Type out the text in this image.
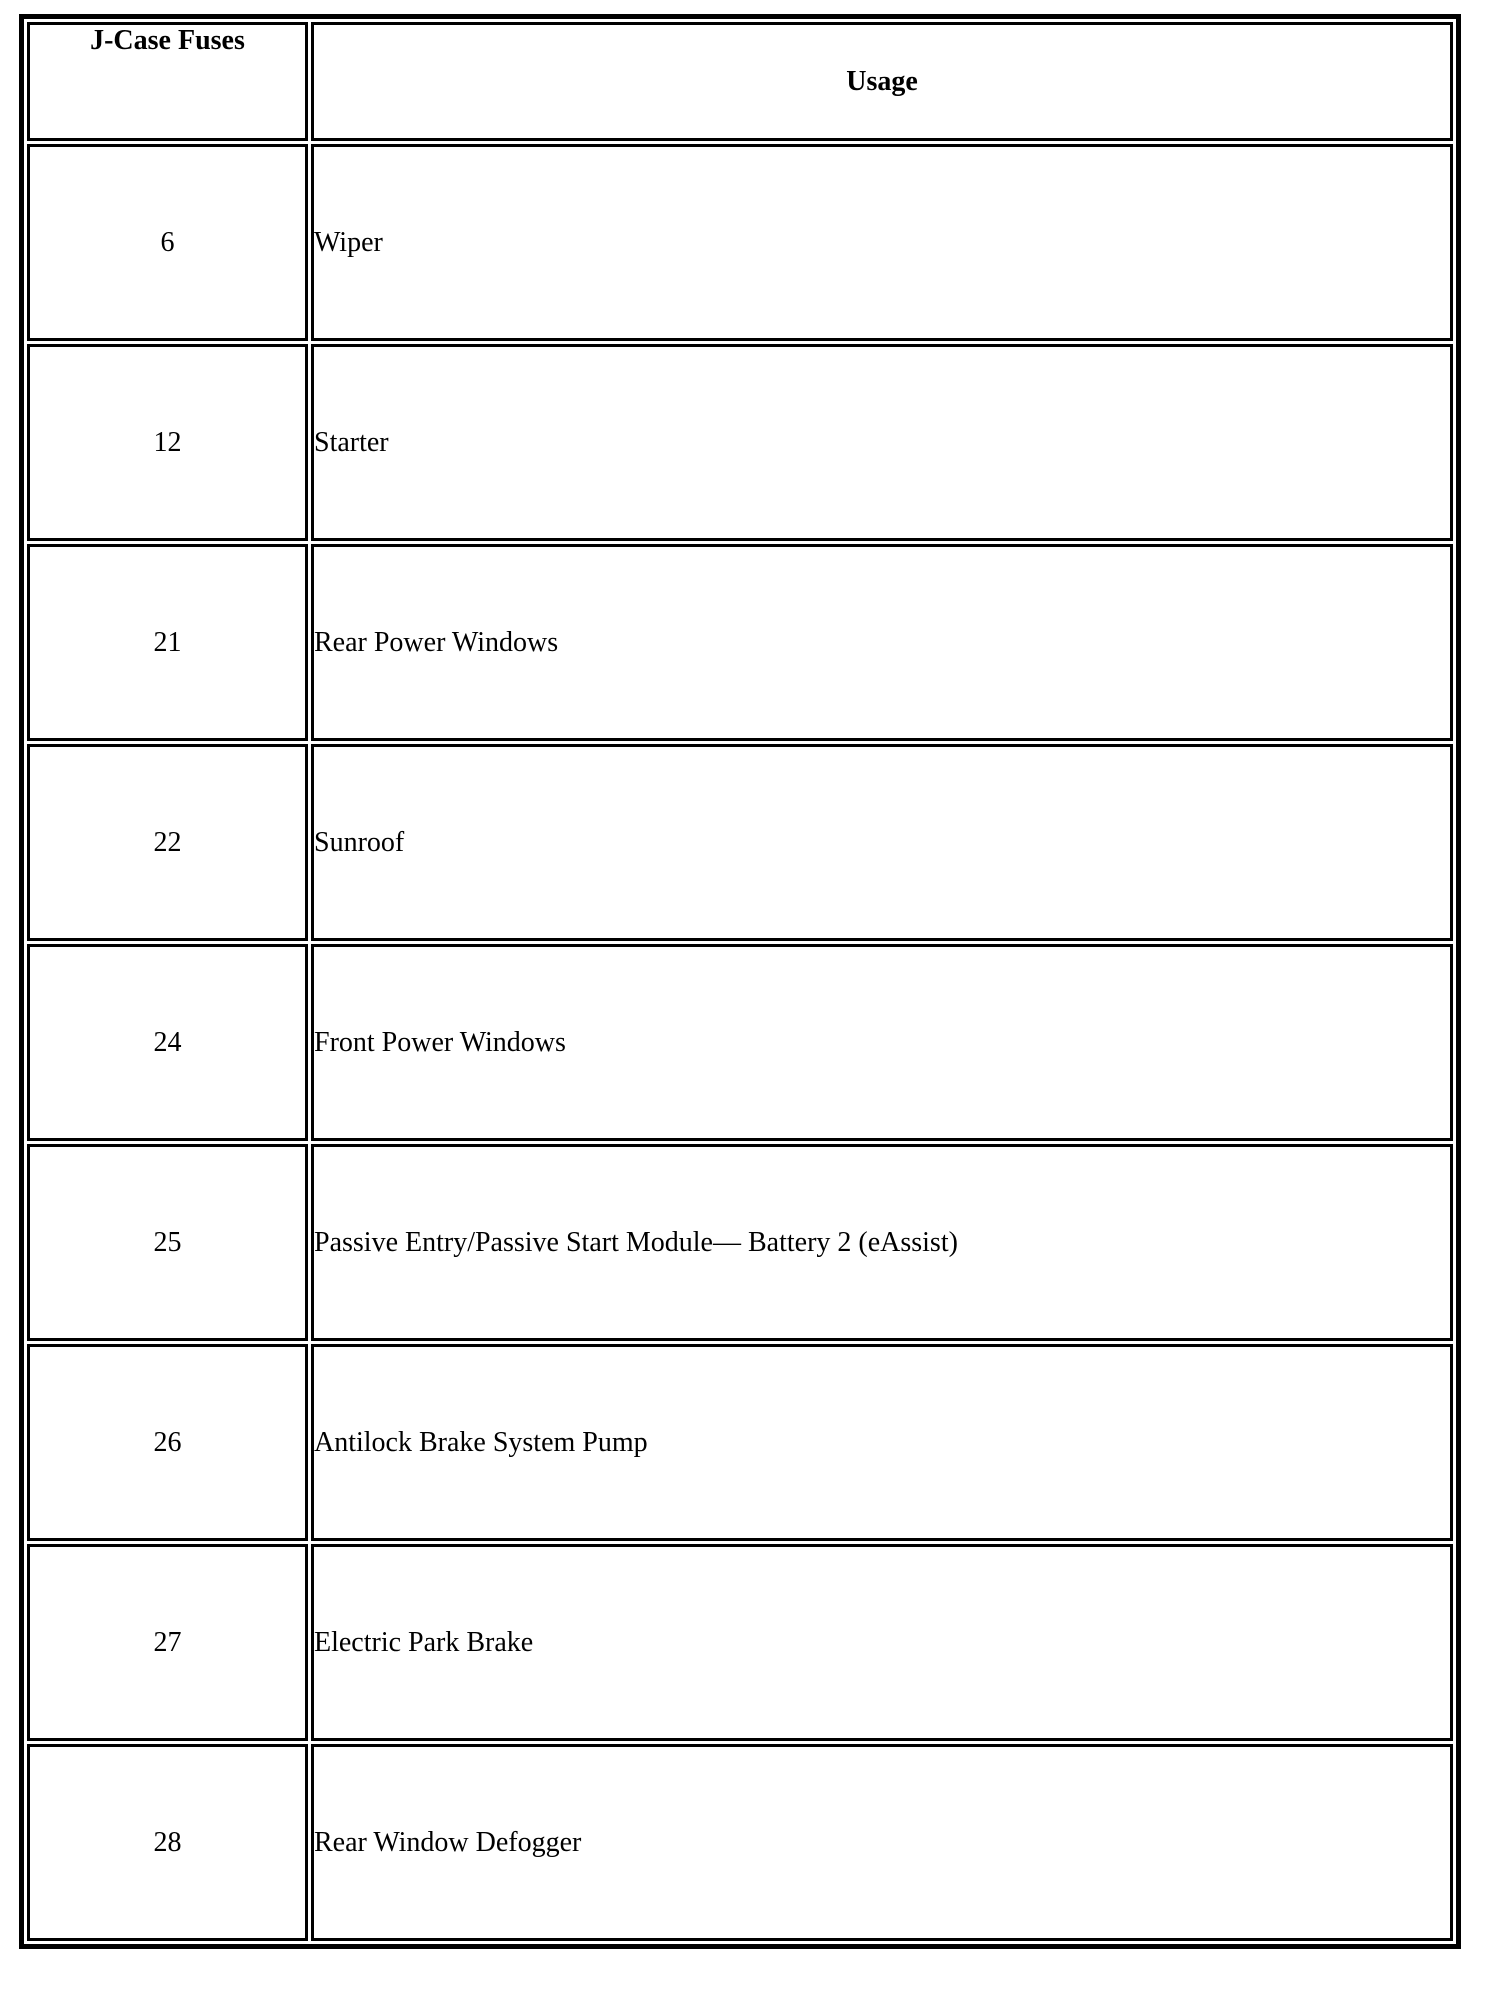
J-Case Fuses	Usage
6	Wiper
12	Starter
21	Rear Power Windows
22	Sunroof
24	Front Power Windows
25	Passive Entry/Passive Start Module— Battery 2 (eAssist)
26	Antilock Brake System Pump
27	Electric Park Brake
28	Rear Window Defogger
